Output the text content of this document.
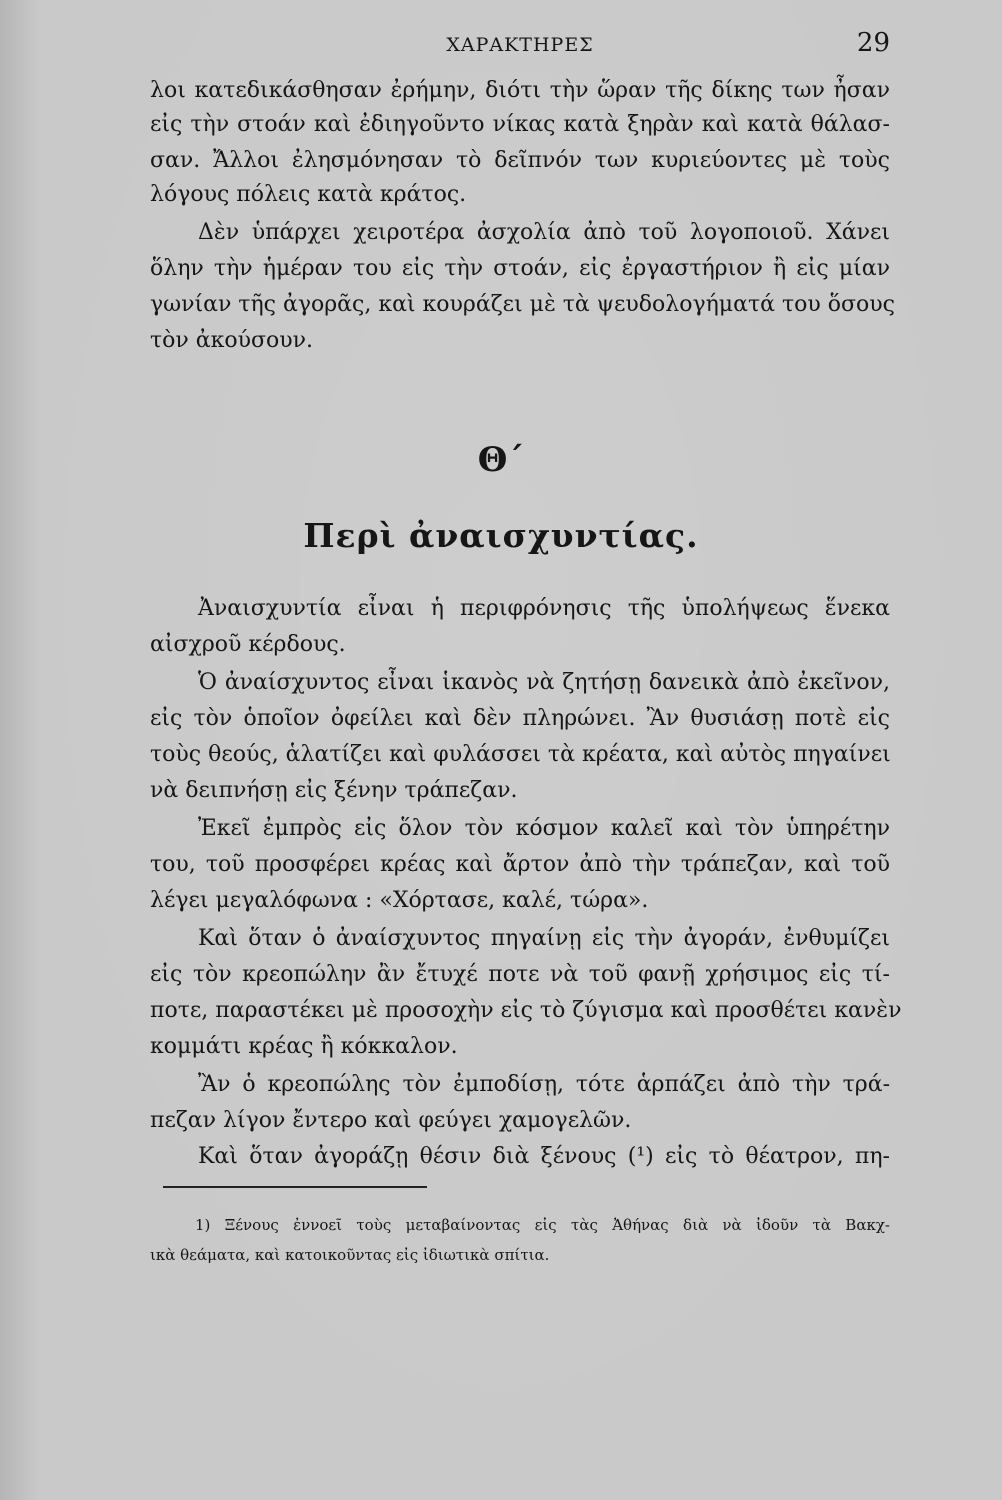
ΧΑΡΑΚΤΗΡΕΣ	29
λοι κατεδικάσθησαν ἐρήμην, διότι τὴν ὥραν τῆς δίκης των ἦσαν
εἰς τὴν στοάν καὶ ἐδιηγοῦντο νίκας κατὰ ξηρὰν καὶ κατὰ θάλασ-
σαν. Ἄλλοι ἐλησμόνησαν τὸ δεῖπνόν των κυριεύοντες μὲ τοὺς
λόγους πόλεις κατὰ κράτος.
Δὲν ὑπάρχει χειροτέρα ἀσχολία ἀπὸ τοῦ λογοποιοῦ. Χάνει
ὅλην τὴν ἡμέραν του εἰς τὴν στοάν, εἰς ἐργαστήριον ἢ εἰς μίαν
γωνίαν τῆς ἀγορᾶς, καὶ κουράζει μὲ τὰ ψευδολογήματά του ὅσους
τὸν ἀκούσουν.
Θ΄
Περὶ ἀναισχυντίας.
Ἀναισχυντία εἶναι ἡ περιφρόνησις τῆς ὑπολήψεως ἕνεκα
αἰσχροῦ κέρδους.
Ὁ ἀναίσχυντος εἶναι ἱκανὸς νὰ ζητήσῃ δανεικὰ ἀπὸ ἐκεῖνον,
εἰς τὸν ὁποῖον ὀφείλει καὶ δὲν πληρώνει. Ἂν θυσιάσῃ ποτὲ εἰς
τοὺς θεούς, ἁλατίζει καὶ φυλάσσει τὰ κρέατα, καὶ αὐτὸς πηγαίνει
νὰ δειπνήσῃ εἰς ξένην τράπεζαν.
Ἐκεῖ ἐμπρὸς εἰς ὅλον τὸν κόσμον καλεῖ καὶ τὸν ὑπηρέτην
του, τοῦ προσφέρει κρέας καὶ ἄρτον ἀπὸ τὴν τράπεζαν, καὶ τοῦ
λέγει μεγαλόφωνα : «Χόρτασε, καλέ, τώρα».
Καὶ ὅταν ὁ ἀναίσχυντος πηγαίνῃ εἰς τὴν ἀγοράν, ἐνθυμίζει
εἰς τὸν κρεοπώλην ἂν ἔτυχέ ποτε νὰ τοῦ φανῇ χρήσιμος εἰς τί-
ποτε, παραστέκει μὲ προσοχὴν εἰς τὸ ζύγισμα καὶ προσθέτει κανὲν
κομμάτι κρέας ἢ κόκκαλον.
Ἂν ὁ κρεοπώλης τὸν ἐμποδίσῃ, τότε ἁρπάζει ἀπὸ τὴν τρά-
πεζαν λίγον ἔντερο καὶ φεύγει χαμογελῶν.
Καὶ ὅταν ἀγοράζῃ θέσιν διὰ ξένους (¹) εἰς τὸ θέατρον, πη-
1) Ξένους ἐννοεῖ τοὺς μεταβαίνοντας εἰς τὰς Ἀθήνας διὰ νὰ ἰδοῦν τὰ Βακχ-
ικὰ θεάματα, καὶ κατοικοῦντας εἰς ἰδιωτικὰ σπίτια.
